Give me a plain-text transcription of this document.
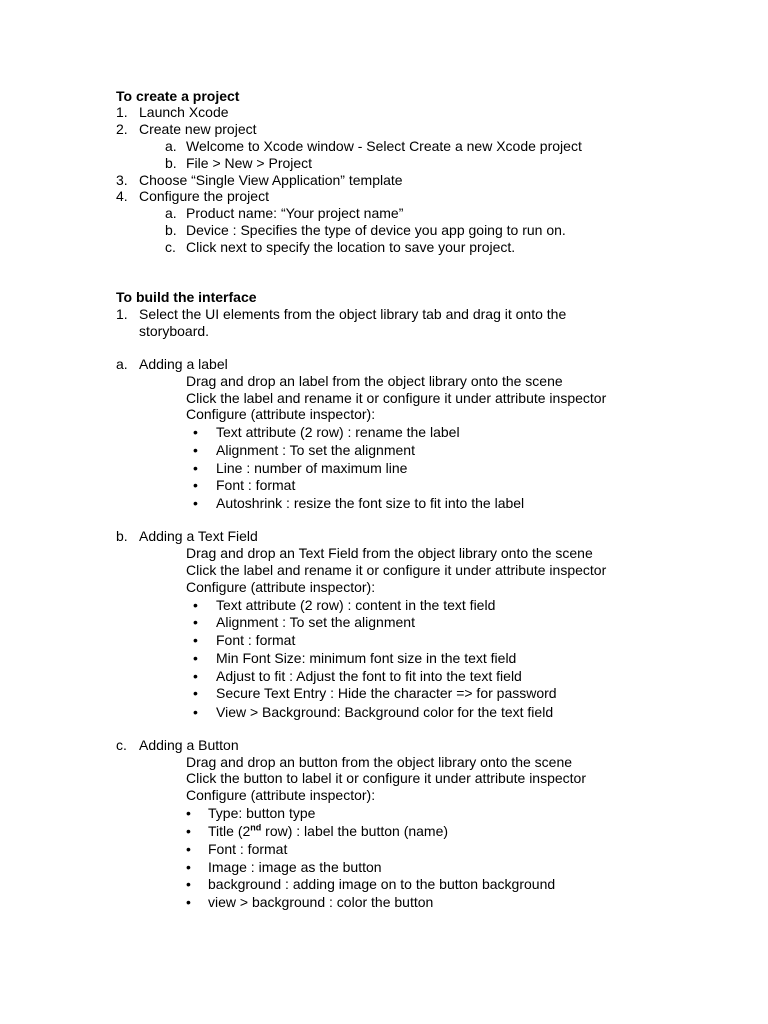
To create a project
1. Launch Xcode
2. Create new project
a. Welcome to Xcode window - Select Create a new Xcode project
b. File > New > Project
3. Choose “Single View Application” template
4. Configure the project
a. Product name: “Your project name”
b. Device : Specifies the type of device you app going to run on.
c. Click next to specify the location to save your project.
To build the interface
1. Select the UI elements from the object library tab and drag it onto the
storyboard.
a. Adding a label
Drag and drop an label from the object library onto the scene
Click the label and rename it or configure it under attribute inspector
Configure (attribute inspector):
• Text attribute (2 row) : rename the label
• Alignment : To set the alignment
• Line : number of maximum line
• Font : format
• Autoshrink : resize the font size to fit into the label
b. Adding a Text Field
Drag and drop an Text Field from the object library onto the scene
Click the label and rename it or configure it under attribute inspector
Configure (attribute inspector):
• Text attribute (2 row) : content in the text field
• Alignment : To set the alignment
• Font : format
• Min Font Size: minimum font size in the text field
• Adjust to fit : Adjust the font to fit into the text field
• Secure Text Entry : Hide the character => for password
• View > Background: Background color for the text field
c. Adding a Button
Drag and drop an button from the object library onto the scene
Click the button to label it or configure it under attribute inspector
Configure (attribute inspector):
• Type: button type
• Title (2nd row) : label the button (name)
• Font : format
• Image : image as the button
• background : adding image on to the button background
• view > background : color the button
